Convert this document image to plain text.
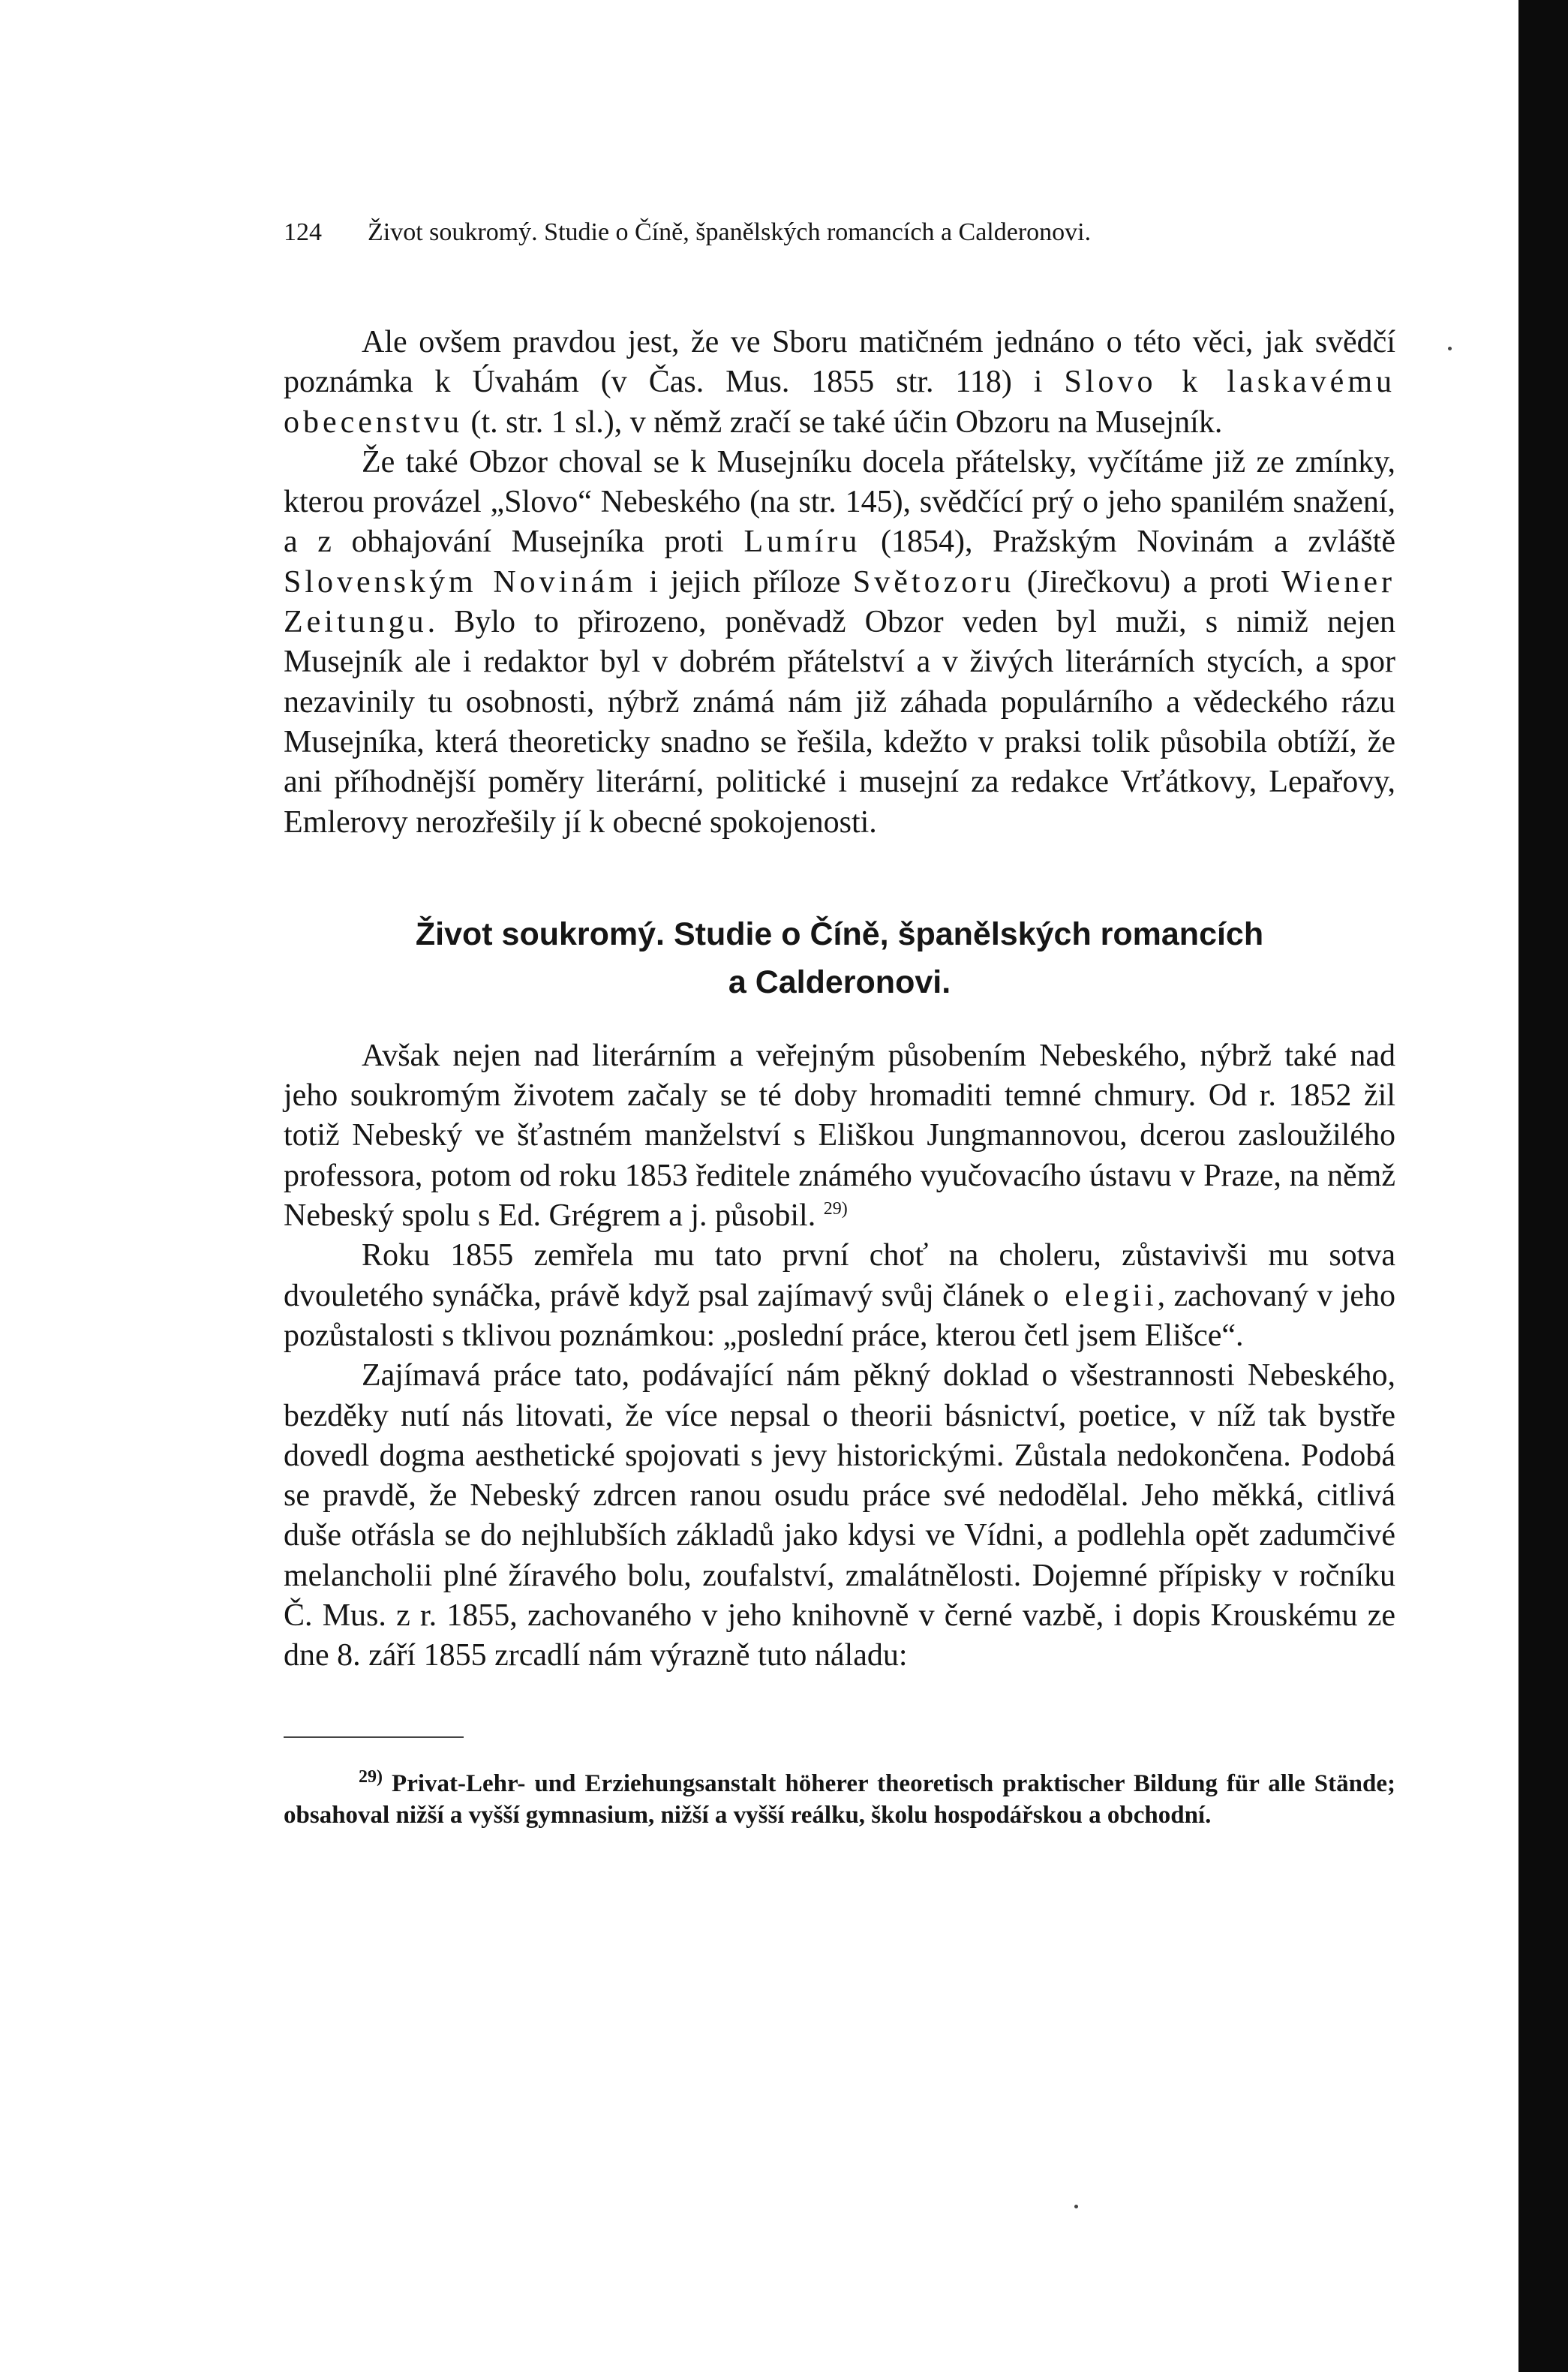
124 Život soukromý. Studie o Číně, španělských romancích a Calderonovi.

Ale ovšem pravdou jest, že ve Sboru matičném jednáno o této věci, jak svědčí poznámka k Úvahám (v Čas. Mus. 1855 str. 118) i Slovo k laskavému obecenstvu (t. str. 1 sl.), v němž zračí se také účin Obzoru na Musejník.

Že také Obzor choval se k Musejníku docela přátelsky, vyčítáme již ze zmínky, kterou provázel „Slovo“ Nebeského (na str. 145), svědčící prý o jeho spanilém snažení, a z obhajování Musejníka proti Lumíru (1854), Pražským Novinám a zvláště Slovenským Novinám i jejich příloze Světozoru (Jirečkovu) a proti Wiener Zeitungu. Bylo to přirozeno, poněvadž Obzor veden byl muži, s nimiž nejen Musejník ale i redaktor byl v dobrém přátelství a v živých literárních stycích, a spor nezavinily tu osobnosti, nýbrž známá nám již záhada populárního a vědeckého rázu Musejníka, která theoreticky snadno se řešila, kdežto v praksi tolik působila obtíží, že ani příhodnější poměry literární, politické i musejní za redakce Vrťátkovy, Lepařovy, Emlerovy nerozřešily jí k obecné spokojenosti.

Život soukromý. Studie o Číně, španělských romancích
a Calderonovi.

Avšak nejen nad literárním a veřejným působením Nebeského, nýbrž také nad jeho soukromým životem začaly se té doby hromaditi temné chmury. Od r. 1852 žil totiž Nebeský ve šťastném manželství s Eliškou Jungmannovou, dcerou zasloužilého professora, potom od roku 1853 ředitele známého vyučovacího ústavu v Praze, na němž Nebeský spolu s Ed. Grégrem a j. působil. $^{29)}$

Roku 1855 zemřela mu tato první choť na choleru, zůstavivši mu sotva dvouletého synáčka, právě když psal zajímavý svůj článek o elegii, zachovaný v jeho pozůstalosti s tklivou poznámkou: „poslední práce, kterou četl jsem Elišce“.

Zajímavá práce tato, podávající nám pěkný doklad o všestrannosti Nebeského, bezděky nutí nás litovati, že více nepsal o theorii básnictví, poetice, v níž tak bystře dovedl dogma aesthetické spojovati s jevy historickými. Zůstala nedokončena. Podobá se pravdě, že Nebeský zdrcen ranou osudu práce své nedodělal. Jeho měkká, citlivá duše otřásla se do nejhlubších základů jako kdysi ve Vídni, a podlehla opět zadumčivé melancholii plné žíravého bolu, zoufalství, zmalátnělosti. Dojemné přípisky v ročníku Č. Mus. z r. 1855, zachovaného v jeho knihovně v černé vazbě, i dopis Krouskému ze dne 8. září 1855 zrcadlí nám výrazně tuto náladu:

$^{29)}$ Privat-Lehr- und Erziehungsanstalt höherer theoretisch praktischer Bildung für alle Stände; obsahoval nižší a vyšší gymnasium, nižší a vyšší reálku, školu hospodářskou a obchodní.
